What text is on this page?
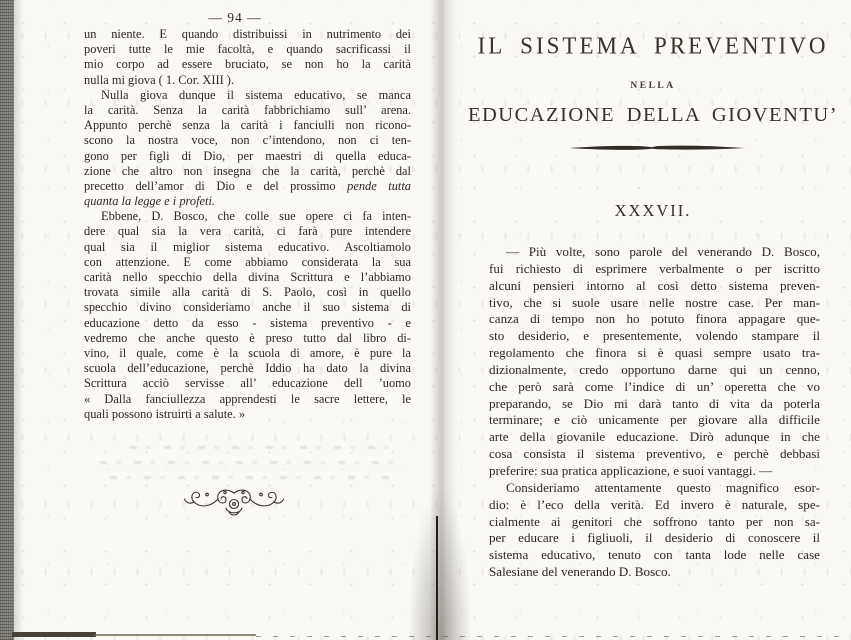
— 94 —
un niente. E quando distribuissi in nutrimento dei
poveri tutte le mie facoltà, e quando sacrificassi il
mio corpo ad essere bruciato, se non ho la carità
nulla mi giova ( 1. Cor. XIII ).
Nulla giova dunque il sistema educativo, se manca
la carità. Senza la carità fabbrichiamo sull’ arena.
Appunto perchè senza la carità i fanciulli non ricono-
scono la nostra voce, non c’intendono, non ci ten-
gono per figli di Dio, per maestri di quella educa-
zione che altro non insegna che la carità, perchè dal
precetto dell’amor di Dio e del prossimo pende tutta
quanta la legge e i profeti.
Ebbene, D. Bosco, che colle sue opere ci fa inten-
dere qual sia la vera carità, ci farà pure intendere
qual sia il miglior sistema educativo. Ascoltiamolo
con attenzione. E come abbiamo considerata la sua
carità nello specchio della divina Scrittura e l’abbiamo
trovata simile alla carità di S. Paolo, così in quello
specchio divino consideriamo anche il suo sistema di
educazione detto da esso - sistema preventivo - e
vedremo che anche questo è preso tutto dal libro di-
vino, il quale, come è la scuola di amore, è pure la
scuola dell’educazione, perchè Iddio ha dato la divina
Scrittura acciò servisse all’ educazione dell ’uomo
« Dalla fanciullezza apprendesti le sacre lettere, le
quali possono istruirti a salute. »
IL SISTEMA PREVENTIVO
NELLA
EDUCAZIONE DELLA GIOVENTU’
XXXVII.
— Più volte, sono parole del venerando D. Bosco,
fui richiesto di esprimere verbalmente o per iscritto
alcuni pensieri intorno al così detto sistema preven-
tivo, che si suole usare nelle nostre case. Per man-
canza di tempo non ho potuto finora appagare que-
sto desiderio, e presentemente, volendo stampare il
regolamento che finora si è quasi sempre usato tra-
dizionalmente, credo opportuno darne qui un cenno,
che però sarà come l’indice di un’ operetta che vo
preparando, se Dio mi darà tanto di vita da poterla
terminare; e ciò unicamente per giovare alla difficile
arte della giovanile educazione. Dirò adunque in che
cosa consista il sistema preventivo, e perchè debbasi
preferire: sua pratica applicazione, e suoi vantaggi. —
Consideriamo attentamente questo magnifico esor-
dio: è l’eco della verità. Ed invero è naturale, spe-
cialmente ai genitori che soffrono tanto per non sa-
per educare i figliuoli, il desiderio di conoscere il
sistema educativo, tenuto con tanta lode nelle case
Salesiane del venerando D. Bosco.
